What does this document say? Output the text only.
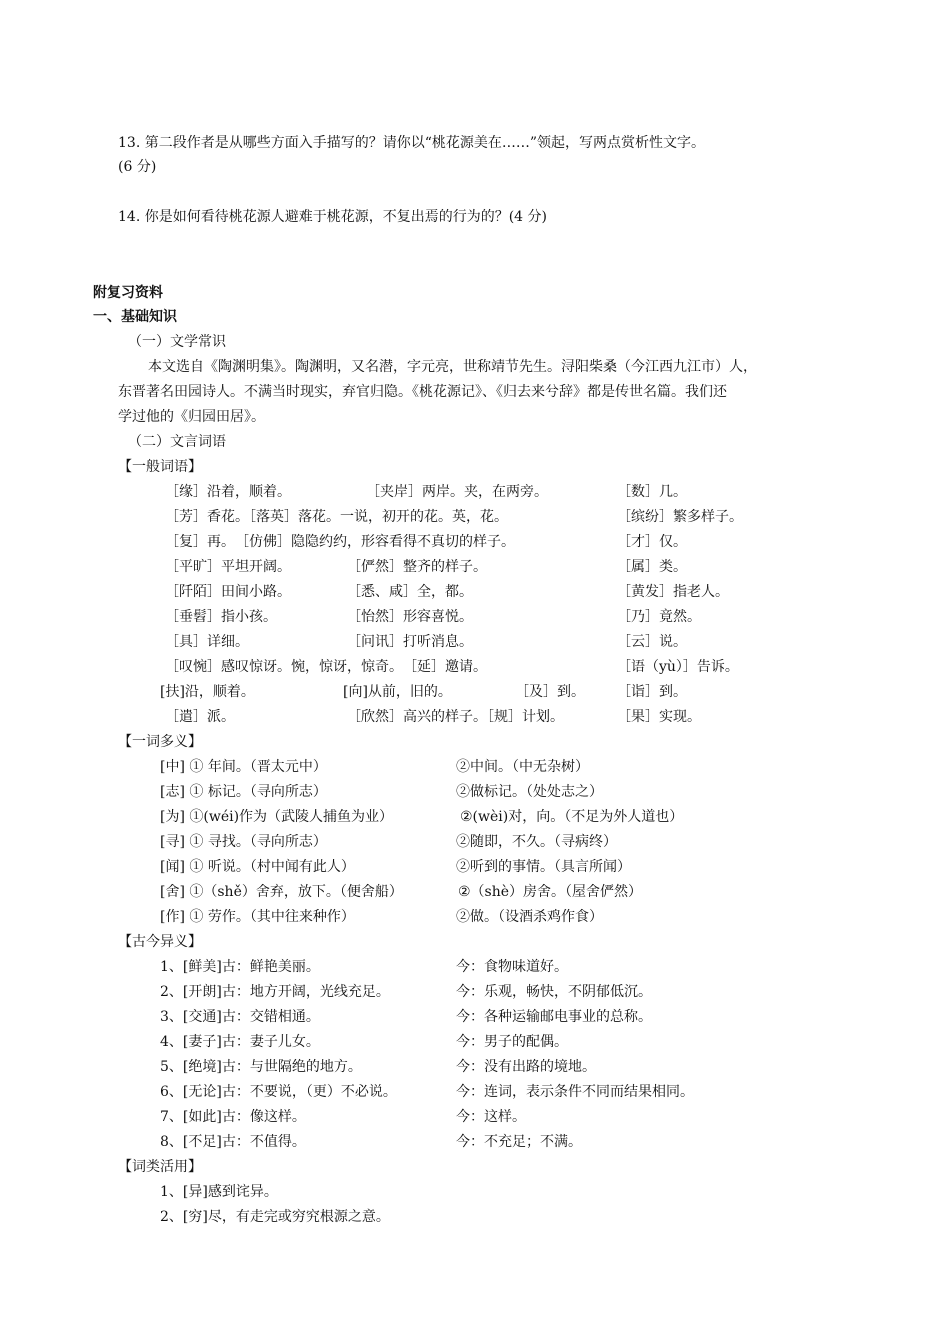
13. 第二段作者是从哪些方面入手描写的？请你以“桃花源美在……”领起，写两点赏析性文字。
(6 分)
14. 你是如何看待桃花源人避难于桃花源，不复出焉的行为的？(4 分)
附复习资料
一、基础知识
（一）文学常识
本文选自《陶渊明集》。陶渊明，又名潜，字元亮，世称靖节先生。浔阳柴桑（今江西九江市）人，
东晋著名田园诗人。不满当时现实，弃官归隐。《桃花源记》、《归去来兮辞》都是传世名篇。我们还
学过他的《归园田居》。
（二）文言词语
【一般词语】
［缘］沿着，顺着。	［夹岸］两岸。夹，在两旁。	［数］几。
［芳］香花。［落英］落花。一说，初开的花。英，花。	［缤纷］繁多样子。
［复］再。　［仿佛］隐隐约约，形容看得不真切的样子。	［才］仅。
［平旷］平坦开阔。	［俨然］整齐的样子。	［属］类。
［阡陌］田间小路。	［悉、咸］全，都。	［黄发］指老人。
［垂髫］指小孩。	［怡然］形容喜悦。	［乃］竟然。
［具］详细。	［问讯］打听消息。	［云］说。
［叹惋］感叹惊讶。惋，惊讶，惊奇。　［延］邀请。	［语（yù）］告诉。
[扶]沿，顺着。	[向]从前，旧的。	［及］到。 ［诣］到。
［遣］派。	［欣然］高兴的样子。［规］计划。	［果］实现。
【一词多义】
[中] ① 年间。（晋太元中）	②中间。（中无杂树）
[志] ① 标记。（寻向所志）	②做标记。（处处志之）
[为] ①(wéi)作为（武陵人捕鱼为业）	②(wèi)对，向。（不足为外人道也）
[寻] ① 寻找。（寻向所志）	②随即，不久。（寻病终）
[闻] ① 听说。（村中闻有此人）	②听到的事情。（具言所闻）
[舍] ①（shě）舍弃，放下。（便舍船）	②（shè）房舍。（屋舍俨然）
[作] ① 劳作。（其中往来种作）	②做。（设酒杀鸡作食）
【古今异义】
1、[鲜美]古：鲜艳美丽。	今：食物味道好。
2、[开朗]古：地方开阔，光线充足。	今：乐观，畅快，不阴郁低沉。
3、[交通]古：交错相通。	今：各种运输邮电事业的总称。
4、[妻子]古：妻子儿女。	今：男子的配偶。
5、[绝境]古：与世隔绝的地方。	今：没有出路的境地。
6、[无论]古：不要说，（更）不必说。	今：连词，表示条件不同而结果相同。
7、[如此]古：像这样。	今：这样。
8、[不足]古：不值得。	今：不充足；不满。
【词类活用】
1、[异]感到诧异。
2、[穷]尽，有走完或穷究根源之意。
